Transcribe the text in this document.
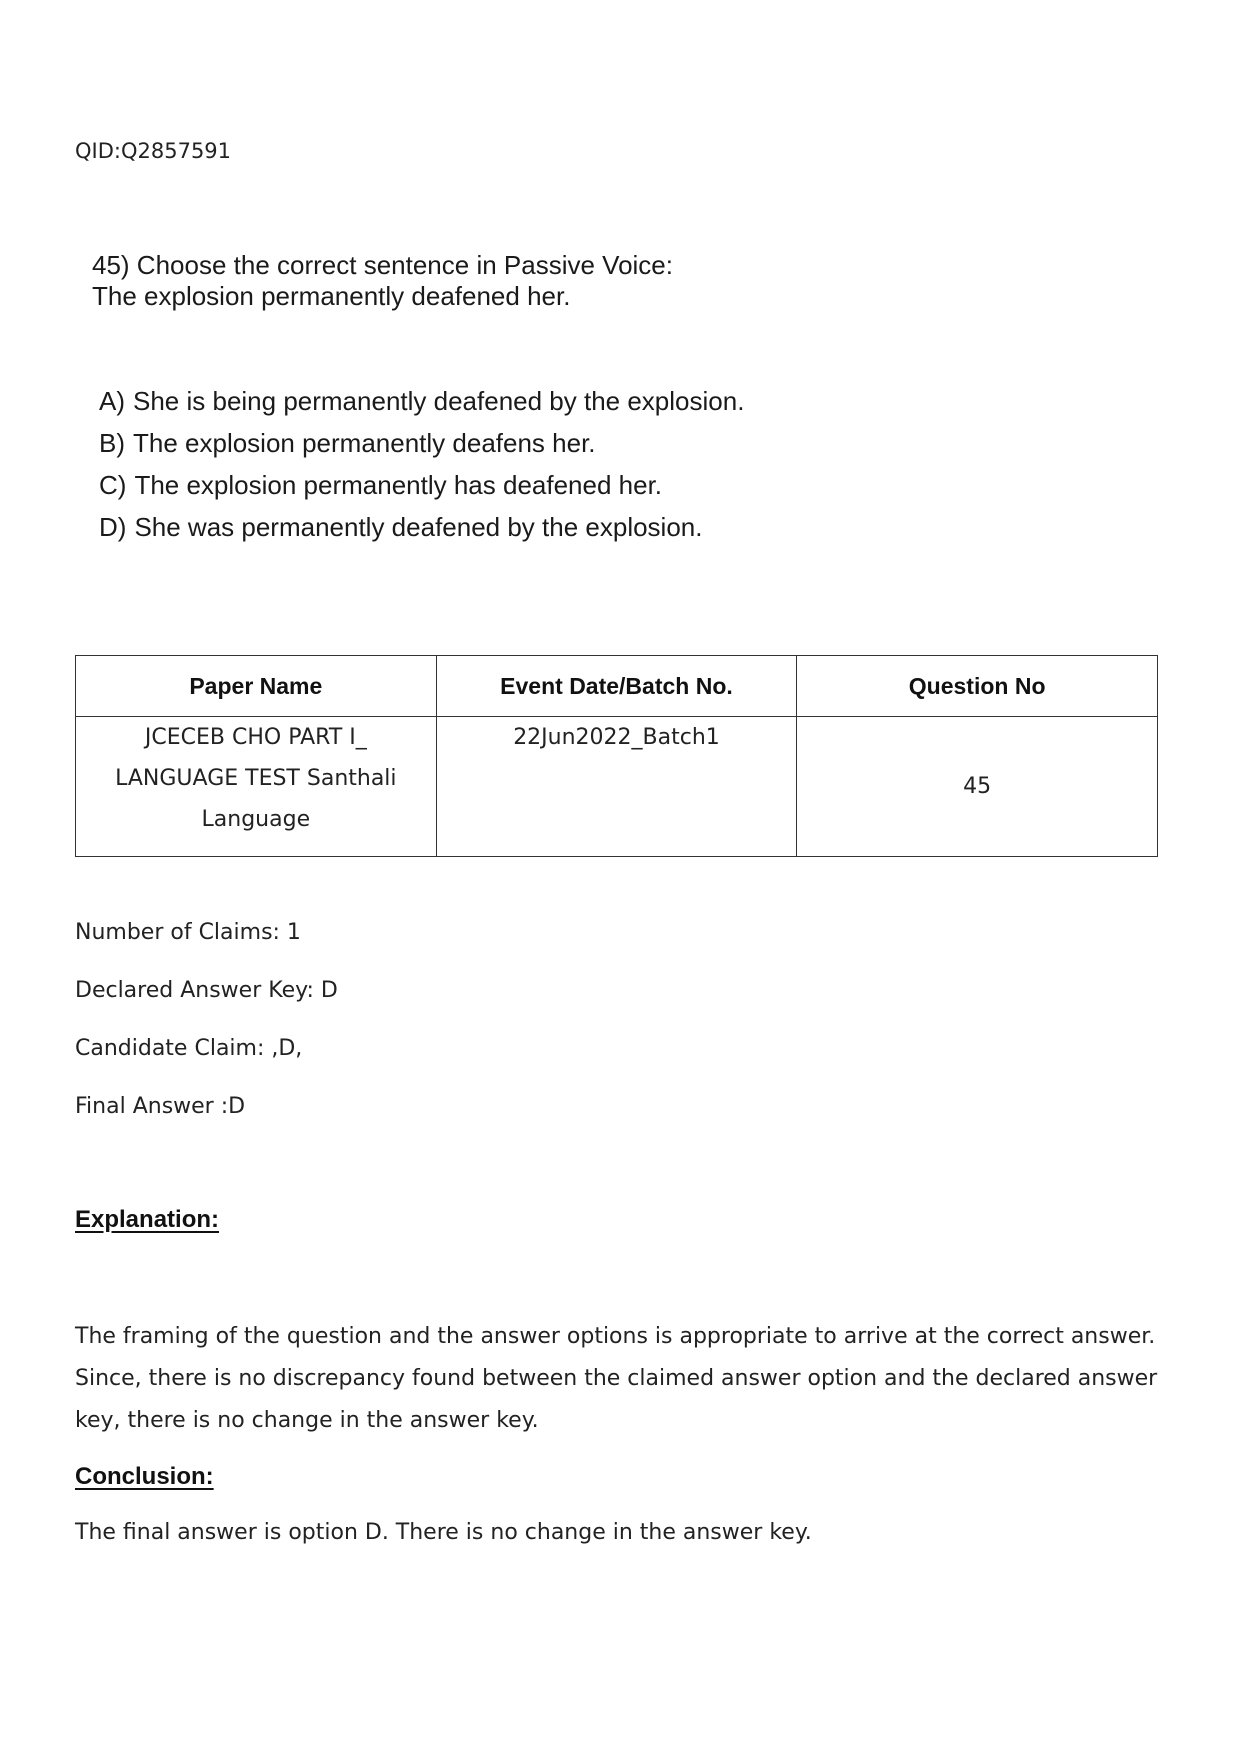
QID:Q2857591

45) Choose the correct sentence in Passive Voice:

The explosion permanently deafened her.

A) She is being permanently deafened by the explosion.
B) The explosion permanently deafens her.
C) The explosion permanently has deafened her.
D) She was permanently deafened by the explosion.
Paper Name	Event Date/Batch No.	Question No
JCECEB CHO PART I_ LANGUAGE TEST Santhali Language	22Jun2022_Batch1	45
Number of Claims: 1
Declared Answer Key: D
Candidate Claim: ,D,
Final Answer :D
Explanation:
The framing of the question and the answer options is appropriate to arrive at the correct answer. Since, there is no discrepancy found between the claimed answer option and the declared answer key, there is no change in the answer key.
Conclusion:
The final answer is option D. There is no change in the answer key.
